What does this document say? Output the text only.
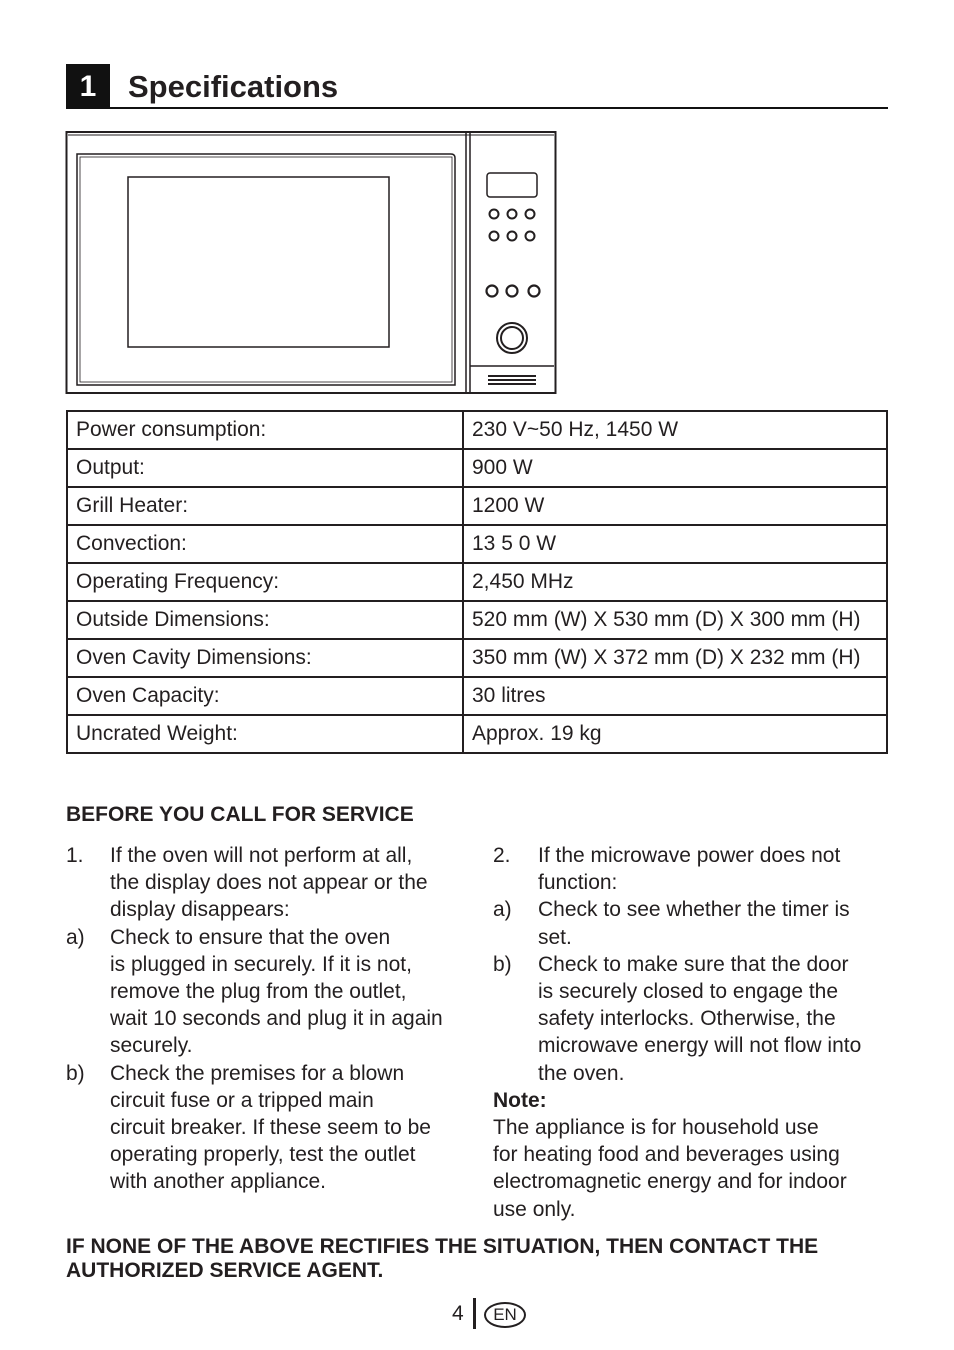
1	Specifications
Power consumption:	230 V~50 Hz, 1450 W
Output:	900 W
Grill Heater:	1200 W
Convection:	13 5 0 W
Operating Frequency:	2,450 MHz
Outside Dimensions:	520 mm (W) X 530 mm (D) X 300 mm (H)
Oven Cavity Dimensions:	350 mm (W) X 372 mm (D) X 232 mm (H)
Oven Capacity:	30 litres
Uncrated Weight:	Approx. 19 kg
BEFORE YOU CALL FOR SERVICE
1. If the oven will not perform at all,
the display does not appear or the
display disappears:
a) Check to ensure that the oven
is plugged in securely. If it is not,
remove the plug from the outlet,
wait 10 seconds and plug it in again
securely.
b) Check the premises for a blown
circuit fuse or a tripped main
circuit breaker. If these seem to be
operating properly, test the outlet
with another appliance.
2. If the microwave power does not
function:
a) Check to see whether the timer is
set.
b) Check to make sure that the door
is securely closed to engage the
safety interlocks. Otherwise, the
microwave energy will not flow into
the oven.
Note:
The appliance is for household use
for heating food and beverages using
electromagnetic energy and for indoor
use only.
IF NONE OF THE ABOVE RECTIFIES THE SITUATION, THEN CONTACT THE
AUTHORIZED SERVICE AGENT.
4	EN
